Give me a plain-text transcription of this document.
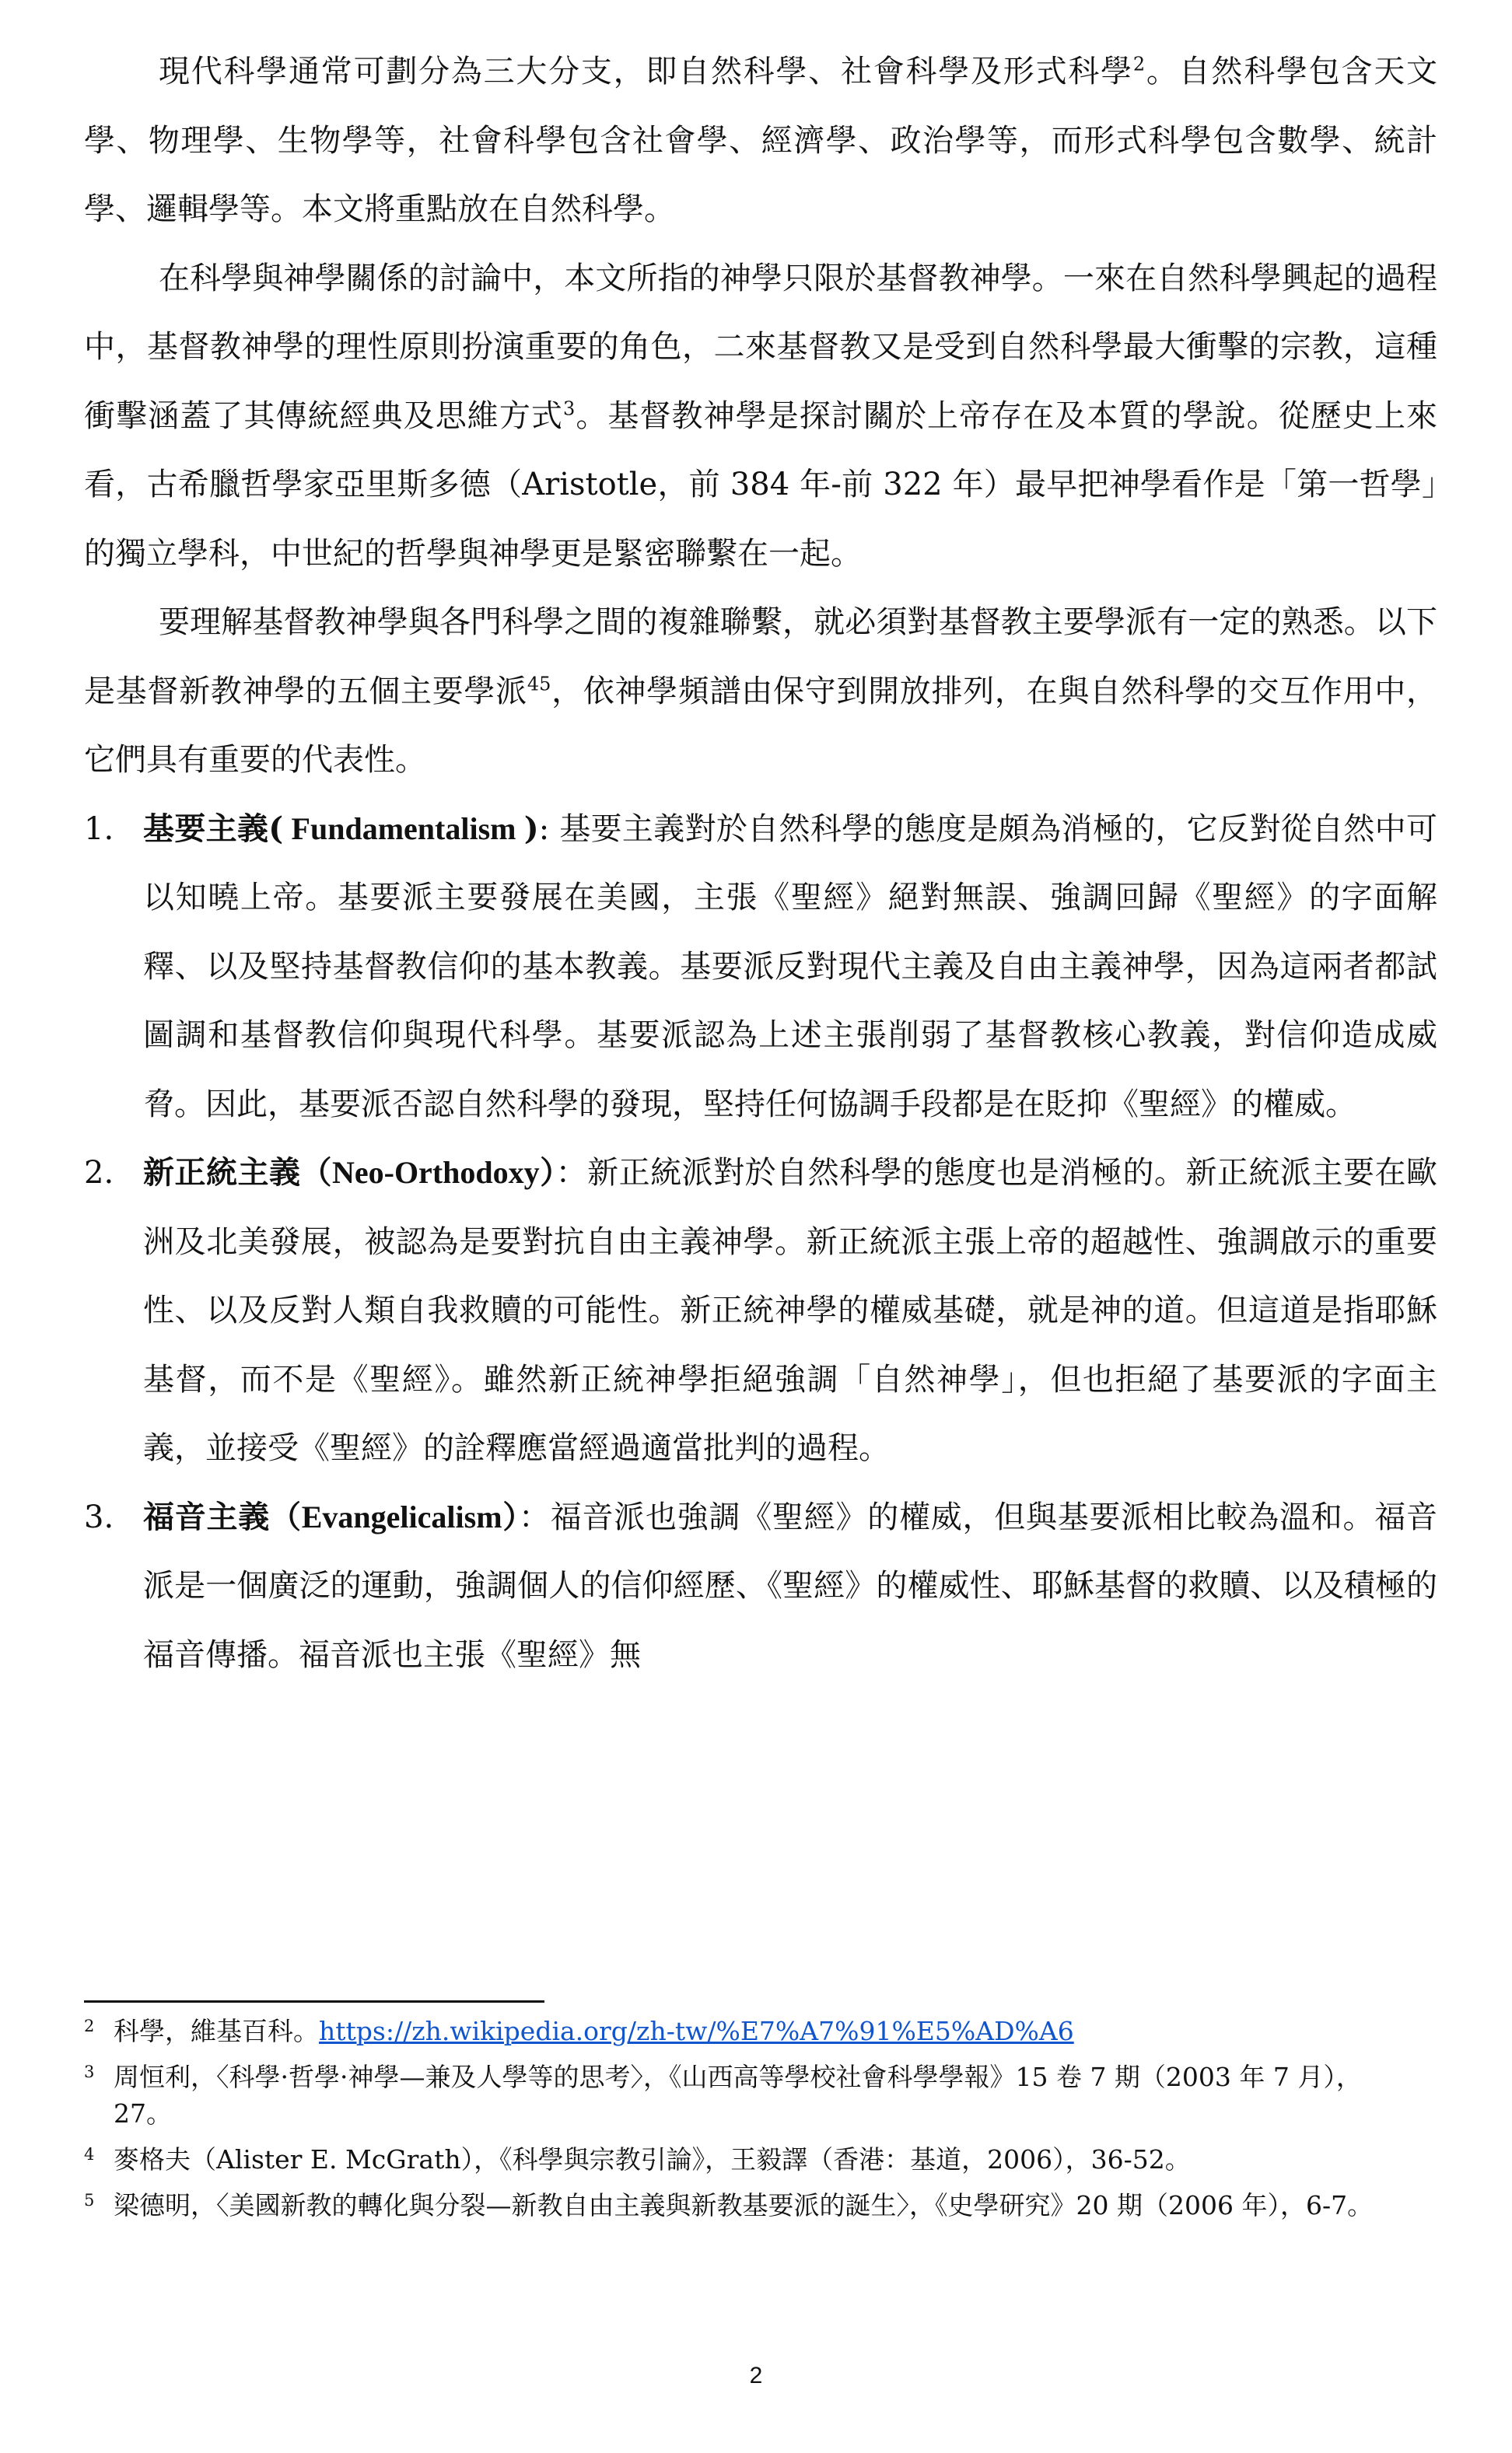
現代科學通常可劃分為三大分支，即自然科學、社會科學及形式科學$^2$。自然科學包含天文學、物理學、生物學等，社會科學包含社會學、經濟學、政治學等，而形式科學包含數學、統計學、邏輯學等。本文將重點放在自然科學。

在科學與神學關係的討論中，本文所指的神學只限於基督教神學。一來在自然科學興起的過程中，基督教神學的理性原則扮演重要的角色，二來基督教又是受到自然科學最大衝擊的宗教，這種衝擊涵蓋了其傳統經典及思維方式$^3$。基督教神學是探討關於上帝存在及本質的學說。從歷史上來看，古希臘哲學家亞里斯多德（Aristotle，前 384 年-前 322 年）最早把神學看作是「第一哲學」的獨立學科，中世紀的哲學與神學更是緊密聯繫在一起。

要理解基督教神學與各門科學之間的複雜聯繫，就必須對基督教主要學派有一定的熟悉。以下是基督新教神學的五個主要學派$^{45}$，依神學頻譜由保守到開放排列，在與自然科學的交互作用中，它們具有重要的代表性。

1. 基要主義( Fundamentalism ): 基要主義對於自然科學的態度是頗為消極的，它反對從自然中可以知曉上帝。基要派主要發展在美國，主張《聖經》絕對無誤、強調回歸《聖經》的字面解釋、以及堅持基督教信仰的基本教義。基要派反對現代主義及自由主義神學，因為這兩者都試圖調和基督教信仰與現代科學。基要派認為上述主張削弱了基督教核心教義，對信仰造成威脅。因此，基要派否認自然科學的發現，堅持任何協調手段都是在貶抑《聖經》的權威。
2. 新正統主義（Neo-Orthodoxy）：新正統派對於自然科學的態度也是消極的。新正統派主要在歐洲及北美發展，被認為是要對抗自由主義神學。新正統派主張上帝的超越性、強調啟示的重要性、以及反對人類自我救贖的可能性。新正統神學的權威基礎，就是神的道。但這道是指耶穌基督，而不是《聖經》。雖然新正統神學拒絕強調「自然神學」，但也拒絕了基要派的字面主義，並接受《聖經》的詮釋應當經過適當批判的過程。
3. 福音主義（Evangelicalism）：福音派也強調《聖經》的權威，但與基要派相比較為溫和。福音派是一個廣泛的運動，強調個人的信仰經歷、《聖經》的權威性、耶穌基督的救贖、以及積極的福音傳播。福音派也主張《聖經》無

2 科學，維基百科。https://zh.wikipedia.org/zh-tw/%E7%A7%91%E5%AD%A6

3 周恒利，〈科學·哲學·神學—兼及人學等的思考〉，《山西高等學校社會科學學報》15 卷 7 期（2003 年 7 月），27。

4 麥格夫（Alister E. McGrath），《科學與宗教引論》，王毅譯（香港：基道，2006），36-52。

5 梁德明，〈美國新教的轉化與分裂—新教自由主義與新教基要派的誕生〉，《史學研究》20 期（2006 年），6-7。

2
